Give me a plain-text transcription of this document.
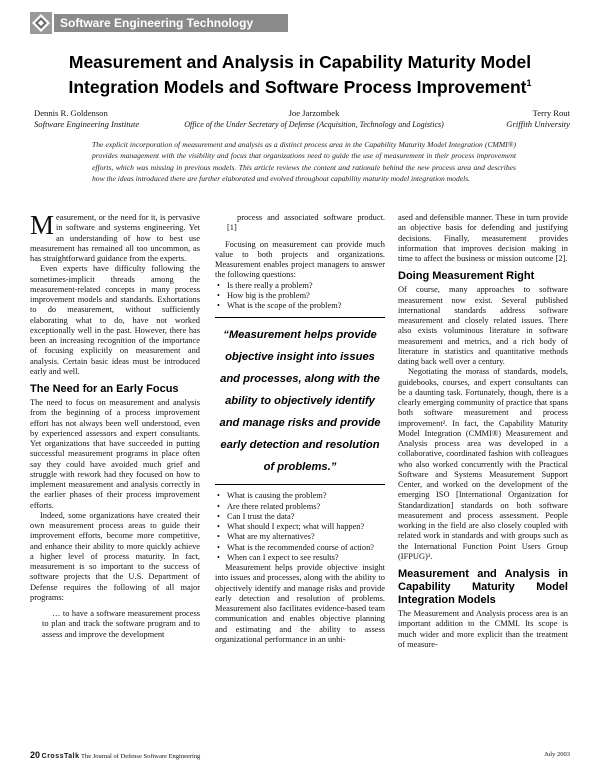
Software Engineering Technology
Measurement and Analysis in Capability Maturity Model
Integration Models and Software Process Improvement$^1$
Dennis R. Goldenson
Software Engineering Institute
Joe Jarzombek
Office of the Under Secretary of Defense (Acquisition, Technology and Logistics)
Terry Rout
Griffith University
The explicit incorporation of measurement and analysis as a distinct process area in the Capability Maturity Model Integration (CMMI®) provides management with the visibility and focus that organizations need to guide the use of measurement in their process improvement efforts, which was missing in previous models. This article reviews the content and rationale behind the new process area and describes how the ideas introduced there are further elaborated and evolved throughout capability maturity model integration models.

Measurement, or the need for it, is pervasive in software and systems engineering. Yet an understanding of how to best use measurement has remained all too uncommon, as has straightforward guidance from the experts.

Even experts have difficulty following the sometimes-implicit threads among the measurement-related concepts in many process improvement models and standards. Exhortations to do measurement, without sufficiently elaborating what to do, have not worked exceptionally well in the past. However, there has been an increasing recognition of the importance of focusing explicitly on measurement and analysis. Certain basic ideas must be introduced early and well.

The Need for an Early Focus

The need to focus on measurement and analysis from the beginning of a process improvement effort has not always been well understood, even by experienced assessors and expert consultants. Yet organizations that have succeeded in putting successful measurement programs in place often say they could have avoided much grief and struggle with rework had they focused on how to implement measurement and analysis correctly in the earlier phases of their process improvement efforts.

Indeed, some organizations have created their own measurement process areas to guide their improvement efforts, become more competitive, and enhance their ability to more quickly achieve a higher level of process maturity. In fact, measurement is so important to the success of software projects that the U.S. Department of Defense requires the following of all major programs:

… to have a software measurement process to plan and track the software program and to assess and improve the development

process and associated software product. [1]

Focusing on measurement can provide much value to both projects and organizations. Measurement enables project managers to answer the following questions:

• Is there really a problem?
• How big is the problem?
• What is the scope of the problem?
“Measurement helps provide objective insight into issues and processes, along with the ability to objectively identify and manage risks and provide early detection and resolution of problems.”
• What is causing the problem?
• Are there related problems?
• Can I trust the data?
• What should I expect; what will happen?
• What are my alternatives?
• What is the recommended course of action?
• When can I expect to see results?

Measurement helps provide objective insight into issues and processes, along with the ability to objectively identify and manage risks and provide early detection and resolution of problems. Measurement also facilitates evidence-based team communication and enables objective planning and estimating and the ability to assess organizational performance in an unbi-

ased and defensible manner. These in turn provide an objective basis for defending and justifying decisions. Finally, measurement provides information that improves decision making in time to affect the business or mission outcome [2].

Doing Measurement Right

Of course, many approaches to software measurement now exist. Several published international standards address software measurement and closely related issues. There also exists voluminous literature in software measurement and metrics, and a rich body of literature in statistics and quantitative methods dating back well over a century.

Negotiating the morass of standards, models, guidebooks, courses, and expert consultants can be a daunting task. Fortunately, though, there is a clearly emerging community of practice that spans both software measurement and process improvement². In fact, the Capability Maturity Model Integration (CMMI®) Measurement and Analysis process area was developed in a collaborative, coordinated fashion with colleagues who also worked concurrently with the Practical Software and Systems Measurement Support Center, and worked on the development of the emerging ISO [International Organization for Standardization] standards on both software measurement and process assessment. People working in the field are also closely coupled with related work in standards and with groups such as the International Function Point Users Group (IFPUG)³.

Measurement and Analysis in Capability Maturity Model Integration Models

The Measurement and Analysis process area is an important addition to the CMMI. Its scope is much wider and more explicit than the treatment of measure-

20 CrossTalk The Journal of Defense Software Engineering	July 2003
